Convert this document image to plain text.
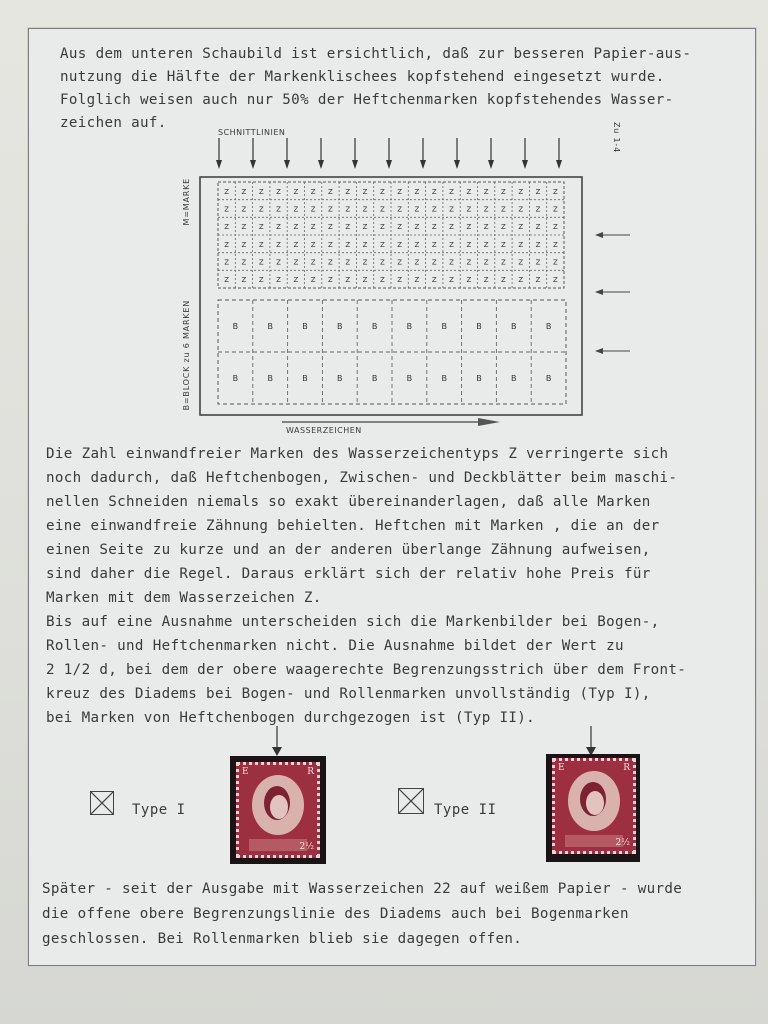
Aus dem unteren Schaubild ist ersichtlich, daß zur besseren Papier-aus-
nutzung die Hälfte der Markenklischees kopfstehend eingesetzt wurde.
Folglich weisen auch nur 50% der Heftchenmarken kopfstehendes Wasser-
zeichen auf.
SCHNITTLINIEN	Zu 1-4
M=MARKE
B=BLOCK zu 6 MARKEN
WASSERZEICHEN
Z Z Z Z Z Z Z Z Z Z Z Z Z Z Z Z Z Z Z Z
Z Z Z Z Z Z Z Z Z Z Z Z Z Z Z Z Z Z Z Z
Z Z Z Z Z Z Z Z Z Z Z Z Z Z Z Z Z Z Z Z
Z Z Z Z Z Z Z Z Z Z Z Z Z Z Z Z Z Z Z Z
Z Z Z Z Z Z Z Z Z Z Z Z Z Z Z Z Z Z Z Z
Z Z Z Z Z Z Z Z Z Z Z Z Z Z Z Z Z Z Z Z
B	B	B	B	B	B	B	B	B	B
B	B	B	B	B	B	B	B	B	B
Die Zahl einwandfreier Marken des Wasserzeichentyps Z verringerte sich
noch dadurch, daß Heftchenbogen, Zwischen- und Deckblätter beim maschi-
nellen Schneiden niemals so exakt übereinanderlagen, daß alle Marken
eine einwandfreie Zähnung behielten. Heftchen mit Marken , die an der
einen Seite zu kurze und an der anderen überlange Zähnung aufweisen,
sind daher die Regel. Daraus erklärt sich der relativ hohe Preis für
Marken mit dem Wasserzeichen Z.
Bis auf eine Ausnahme unterscheiden sich die Markenbilder bei Bogen-,
Rollen- und Heftchenmarken nicht. Die Ausnahme bildet der Wert zu
2 1/2 d, bei dem der obere waagerechte Begrenzungsstrich über dem Front-
kreuz des Diadems bei Bogen- und Rollenmarken unvollständig (Typ I),
bei Marken von Heftchenbogen durchgezogen ist (Typ II).
Type I
E	R
2½
Type II
E	R
2½
Später - seit der Ausgabe mit Wasserzeichen 22 auf weißem Papier - wurde
die offene obere Begrenzungslinie des Diadems auch bei Bogenmarken
geschlossen. Bei Rollenmarken blieb sie dagegen offen.
